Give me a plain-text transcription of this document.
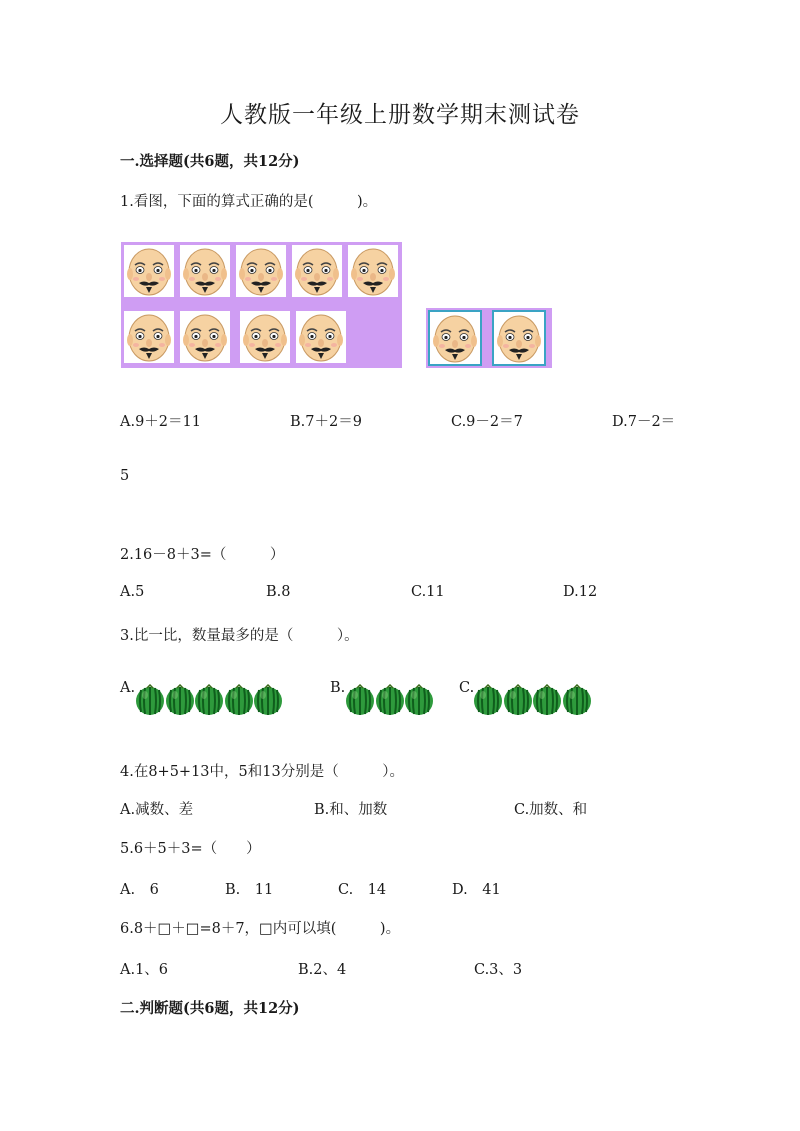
人教版一年级上册数学期末测试卷
一.选择题(共6题，共12分)
1.看图，下面的算式正确的是(　　　)。
A.9＋2＝11	B.7＋2＝9	C.9－2＝7	D.7－2＝
5
2.16－8＋3=（　　　）
A.5	B.8	C.11	D.12
3.比一比，数量最多的是（　　　）。
A.	B.	C.
4.在8+5+13中，5和13分别是（　　　）。
A.减数、差	B.和、加数	C.加数、和
5.6＋5＋3=（　　）
A.　6	B.　11	C.　14	D.　41
6.8＋□＋□=8＋7，□内可以填(　　　)。
A.1、6	B.2、4	C.3、3
二.判断题(共6题，共12分)
